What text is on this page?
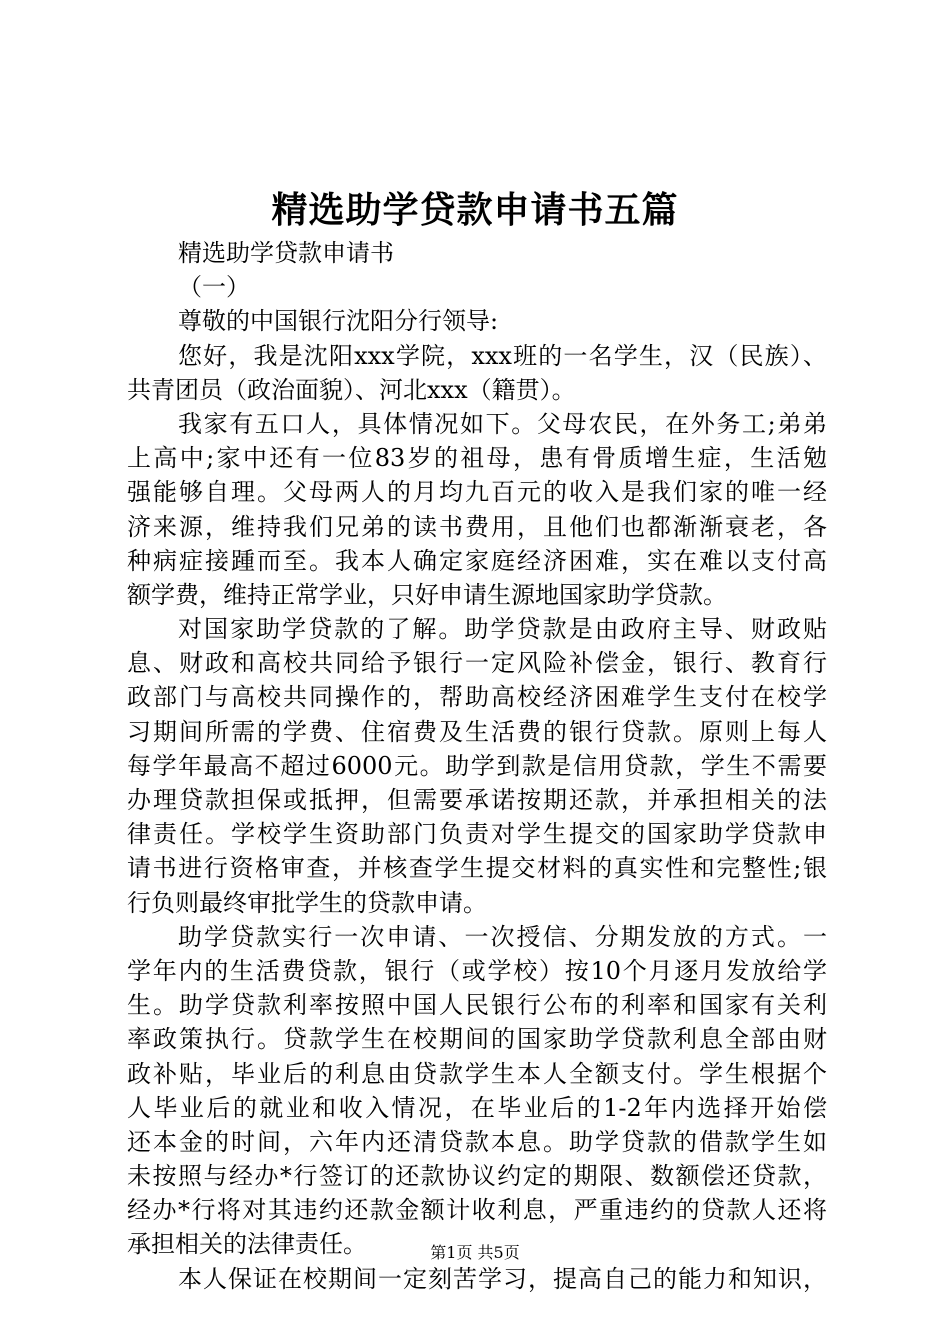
精选助学贷款申请书五篇
精选助学贷款申请书
（一）
尊敬的中国银行沈阳分行领导:
您好，我是沈阳xxx学院，xxx班的一名学生，汉（民族）、
共青团员（政治面貌）、河北xxx（籍贯）。
我家有五口人，具体情况如下。父母农民，在外务工;弟弟
上高中;家中还有一位83岁的祖母，患有骨质增生症，生活勉
强能够自理。父母两人的月均九百元的收入是我们家的唯一经
济来源，维持我们兄弟的读书费用，且他们也都渐渐衰老，各
种病症接踵而至。我本人确定家庭经济困难，实在难以支付高
额学费，维持正常学业，只好申请生源地国家助学贷款。
对国家助学贷款的了解。助学贷款是由政府主导、财政贴
息、财政和高校共同给予银行一定风险补偿金，银行、教育行
政部门与高校共同操作的，帮助高校经济困难学生支付在校学
习期间所需的学费、住宿费及生活费的银行贷款。原则上每人
每学年最高不超过6000元。助学到款是信用贷款，学生不需要
办理贷款担保或抵押，但需要承诺按期还款，并承担相关的法
律责任。学校学生资助部门负责对学生提交的国家助学贷款申
请书进行资格审查，并核查学生提交材料的真实性和完整性;银
行负则最终审批学生的贷款申请。
助学贷款实行一次申请、一次授信、分期发放的方式。一
学年内的生活费贷款，银行（或学校）按10个月逐月发放给学
生。助学贷款利率按照中国人民银行公布的利率和国家有关利
率政策执行。贷款学生在校期间的国家助学贷款利息全部由财
政补贴，毕业后的利息由贷款学生本人全额支付。学生根据个
人毕业后的就业和收入情况，在毕业后的1-2年内选择开始偿
还本金的时间，六年内还清贷款本息。助学贷款的借款学生如
未按照与经办*行签订的还款协议约定的期限、数额偿还贷款，
经办*行将对其违约还款金额计收利息，严重违约的贷款人还将
承担相关的法律责任。
本人保证在校期间一定刻苦学习，提高自己的能力和知识，
第1页 共5页
